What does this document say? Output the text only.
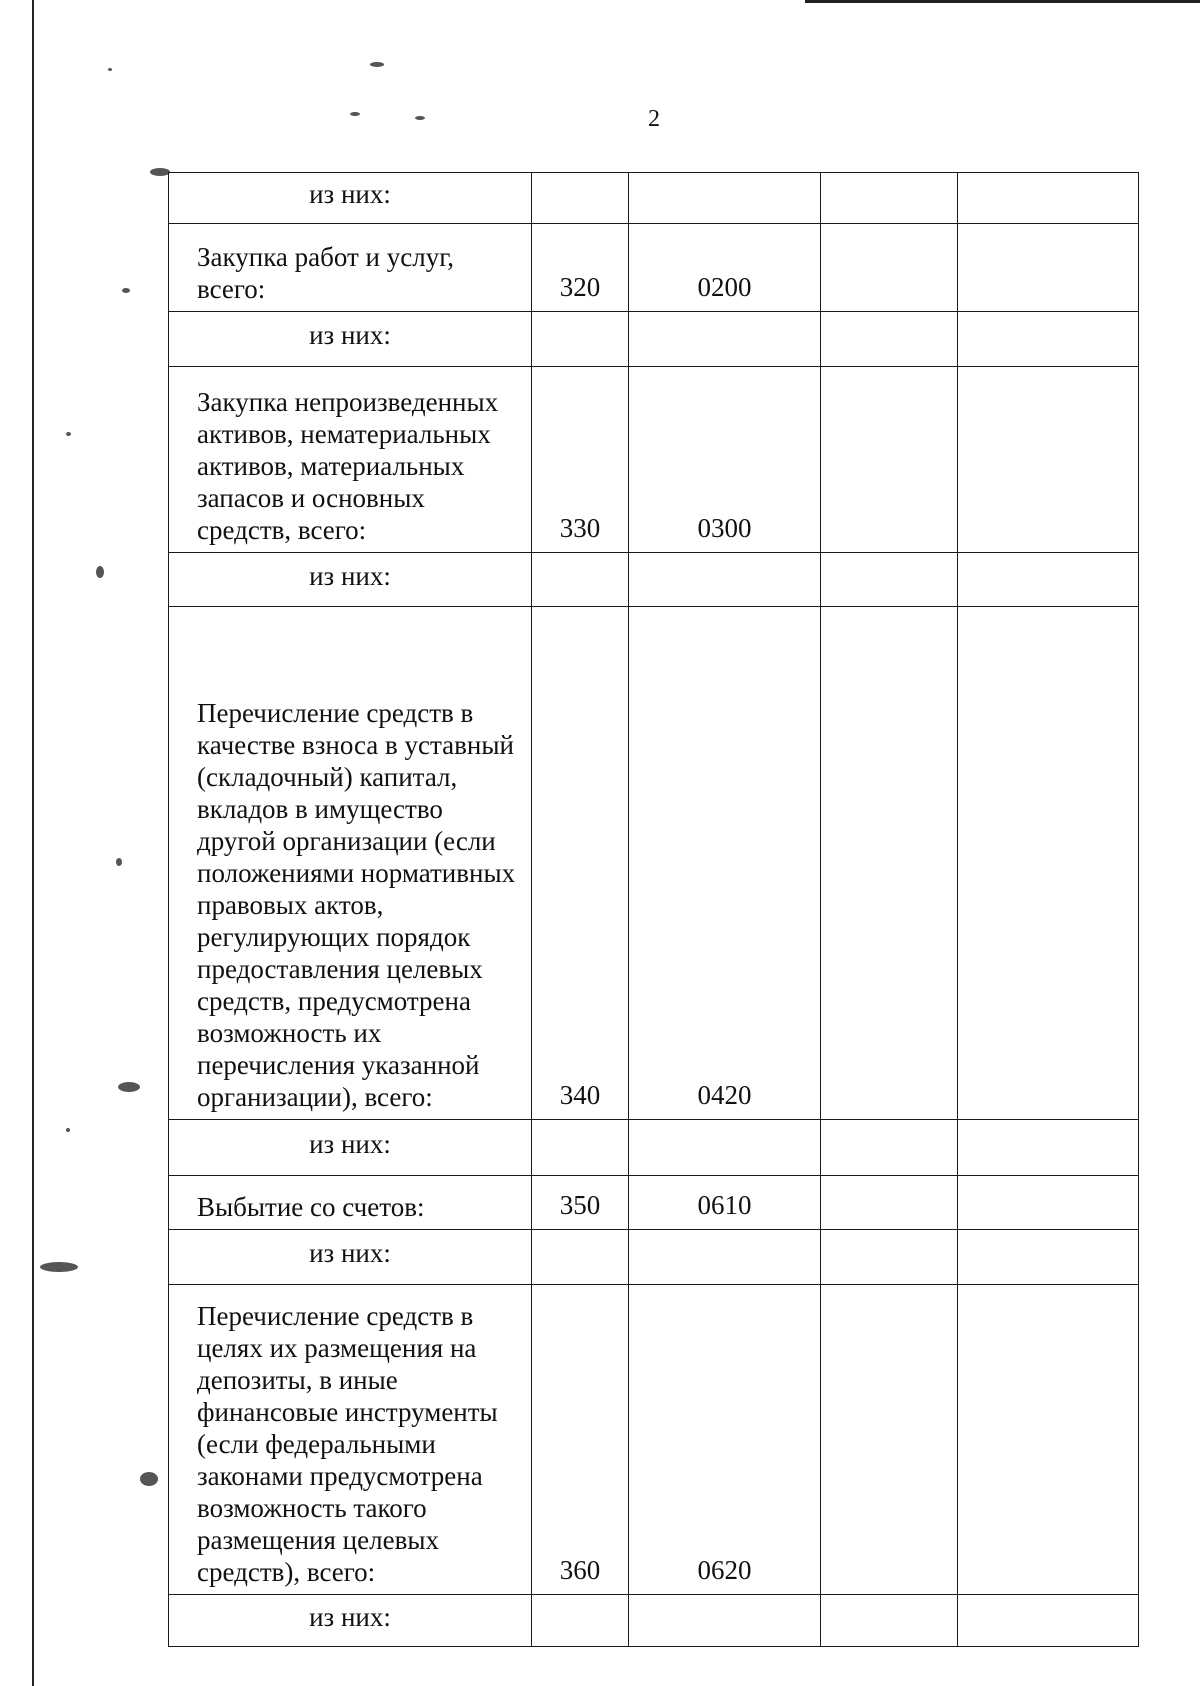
2
из них:				
Закупка работ и услуг, всего:	320	0200		
из них:				
Закупка непроизведенных активов, нематериальных активов, материальных запасов и основных средств, всего:	330	0300		
из них:				
Перечисление средств в качестве взноса в уставный (складочный) капитал, вкладов в имущество другой организации (если положениями нормативных правовых актов, регулирующих порядок предоставления целевых средств, предусмотрена возможность их перечисления указанной организации), всего:	340	0420		
из них:				
Выбытие со счетов:	350	0610		
из них:				
Перечисление средств в целях их размещения на депозиты, в иные финансовые инструменты (если федеральными законами предусмотрена возможность такого размещения целевых средств), всего:	360	0620		
из них:				
